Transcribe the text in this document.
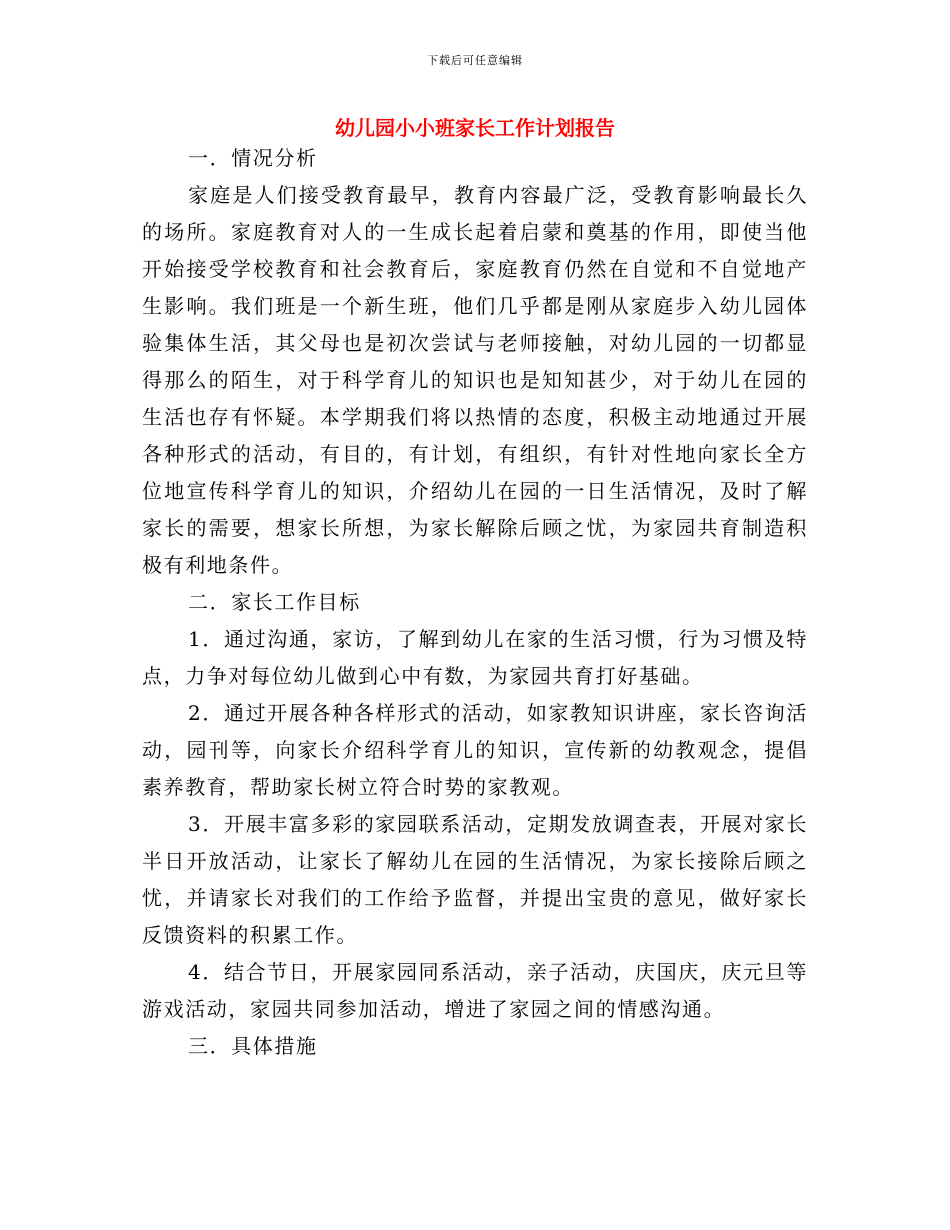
下载后可任意编辑
幼儿园小小班家长工作计划报告

一．情况分析

家庭是人们接受教育最早，教育内容最广泛，受教育影响最长久的场所。家庭教育对人的一生成长起着启蒙和奠基的作用，即使当他开始接受学校教育和社会教育后，家庭教育仍然在自觉和不自觉地产生影响。我们班是一个新生班，他们几乎都是刚从家庭步入幼儿园体验集体生活，其父母也是初次尝试与老师接触，对幼儿园的一切都显得那么的陌生，对于科学育儿的知识也是知知甚少，对于幼儿在园的生活也存有怀疑。本学期我们将以热情的态度，积极主动地通过开展各种形式的活动，有目的，有计划，有组织，有针对性地向家长全方位地宣传科学育儿的知识，介绍幼儿在园的一日生活情况，及时了解家长的需要，想家长所想，为家长解除后顾之忧，为家园共育制造积极有利地条件。

二．家长工作目标

1．通过沟通，家访，了解到幼儿在家的生活习惯，行为习惯及特点，力争对每位幼儿做到心中有数，为家园共育打好基础。

2．通过开展各种各样形式的活动，如家教知识讲座，家长咨询活动，园刊等，向家长介绍科学育儿的知识，宣传新的幼教观念，提倡素养教育，帮助家长树立符合时势的家教观。

3．开展丰富多彩的家园联系活动，定期发放调查表，开展对家长半日开放活动，让家长了解幼儿在园的生活情况，为家长接除后顾之忧，并请家长对我们的工作给予监督，并提出宝贵的意见，做好家长反馈资料的积累工作。

4．结合节日，开展家园同系活动，亲子活动，庆国庆，庆元旦等游戏活动，家园共同参加活动，增进了家园之间的情感沟通。

三．具体措施
